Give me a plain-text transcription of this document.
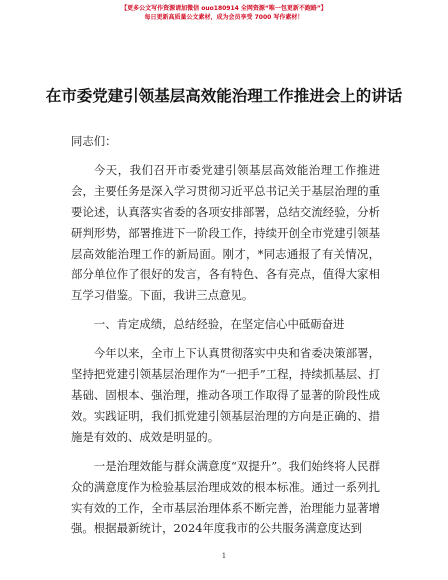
【更多公文写作资源请加微信 ouo180914 全网资源“唯一包更新不跑路”】
每日更新高质量公文素材，成为会员享受 7000 写作素材！
在市委党建引领基层高效能治理工作推进会上的讲话

同志们：

今天，我们召开市委党建引领基层高效能治理工作推进会，主要任务是深入学习贯彻习近平总书记关于基层治理的重要论述，认真落实省委的各项安排部署，总结交流经验，分析研判形势，部署推进下一阶段工作，持续开创全市党建引领基层高效能治理工作的新局面。刚才，*同志通报了有关情况，部分单位作了很好的发言，各有特色、各有亮点，值得大家相互学习借鉴。下面，我讲三点意见。

一、肯定成绩，总结经验，在坚定信心中砥砺奋进

今年以来，全市上下认真贯彻落实中央和省委决策部署，坚持把党建引领基层治理作为“一把手”工程，持续抓基层、打基础、固根本、强治理，推动各项工作取得了显著的阶段性成效。实践证明，我们抓党建引领基层治理的方向是正确的、措施是有效的、成效是明显的。

一是治理效能与群众满意度“双提升”。我们始终将人民群众的满意度作为检验基层治理成效的根本标准。通过一系列扎实有效的工作，全市基层治理体系不断完善，治理能力显著增强。根据最新统计，2024年度我市的公共服务满意度达到

1
